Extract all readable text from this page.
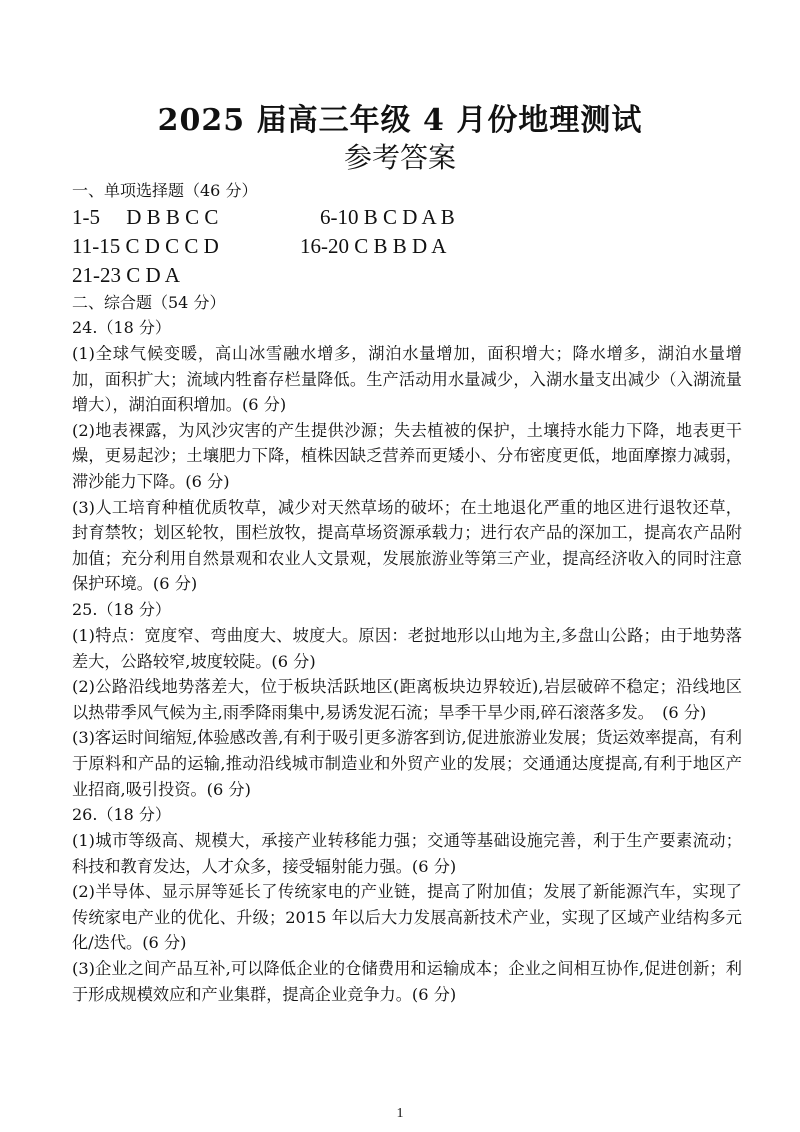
2025 届高三年级 4 月份地理测试
参考答案
一、单项选择题（46 分）
1-5　 D B B C C	6-10 B C D A B
11-15 C D C C D	16-20 C B B D A
21-23 C D A
二、综合题（54 分）
24.（18 分）

(1)全球气候变暖，高山冰雪融水增多，湖泊水量增加，面积增大；降水增多，湖泊水量增加，面积扩大；流域内牲畜存栏量降低。生产活动用水量减少，入湖水量支出减少（入湖流量增大），湖泊面积增加。(6 分)

(2)地表裸露，为风沙灾害的产生提供沙源；失去植被的保护，土壤持水能力下降，地表更干燥，更易起沙；土壤肥力下降，植株因缺乏营养而更矮小、分布密度更低，地面摩擦力减弱，滞沙能力下降。(6 分)

(3)人工培育种植优质牧草，减少对天然草场的破坏；在土地退化严重的地区进行退牧还草，封育禁牧；划区轮牧，围栏放牧，提高草场资源承载力；进行农产品的深加工，提高农产品附加值；充分利用自然景观和农业人文景观，发展旅游业等第三产业，提高经济收入的同时注意保护环境。(6 分)

25.（18 分）

(1)特点：宽度窄、弯曲度大、坡度大。原因：老挝地形以山地为主,多盘山公路；由于地势落差大，公路较窄,坡度较陡。(6 分)

(2)公路沿线地势落差大，位于板块活跃地区(距离板块边界较近),岩层破碎不稳定；沿线地区以热带季风气候为主,雨季降雨集中,易诱发泥石流；旱季干旱少雨,碎石滚落多发。　(6 分)

(3)客运时间缩短,体验感改善,有利于吸引更多游客到访,促进旅游业发展；货运效率提高，有利于原料和产品的运输,推动沿线城市制造业和外贸产业的发展；交通通达度提高,有利于地区产业招商,吸引投资。(6 分)

26.（18 分）

(1)城市等级高、规模大，承接产业转移能力强；交通等基础设施完善，利于生产要素流动；科技和教育发达，人才众多，接受辐射能力强。(6 分)

(2)半导体、显示屏等延长了传统家电的产业链，提高了附加值；发展了新能源汽车，实现了传统家电产业的优化、升级；2015 年以后大力发展高新技术产业，实现了区域产业结构多元化/迭代。(6 分)

(3)企业之间产品互补,可以降低企业的仓储费用和运输成本；企业之间相互协作,促进创新；利于形成规模效应和产业集群，提高企业竞争力。(6 分)

1
